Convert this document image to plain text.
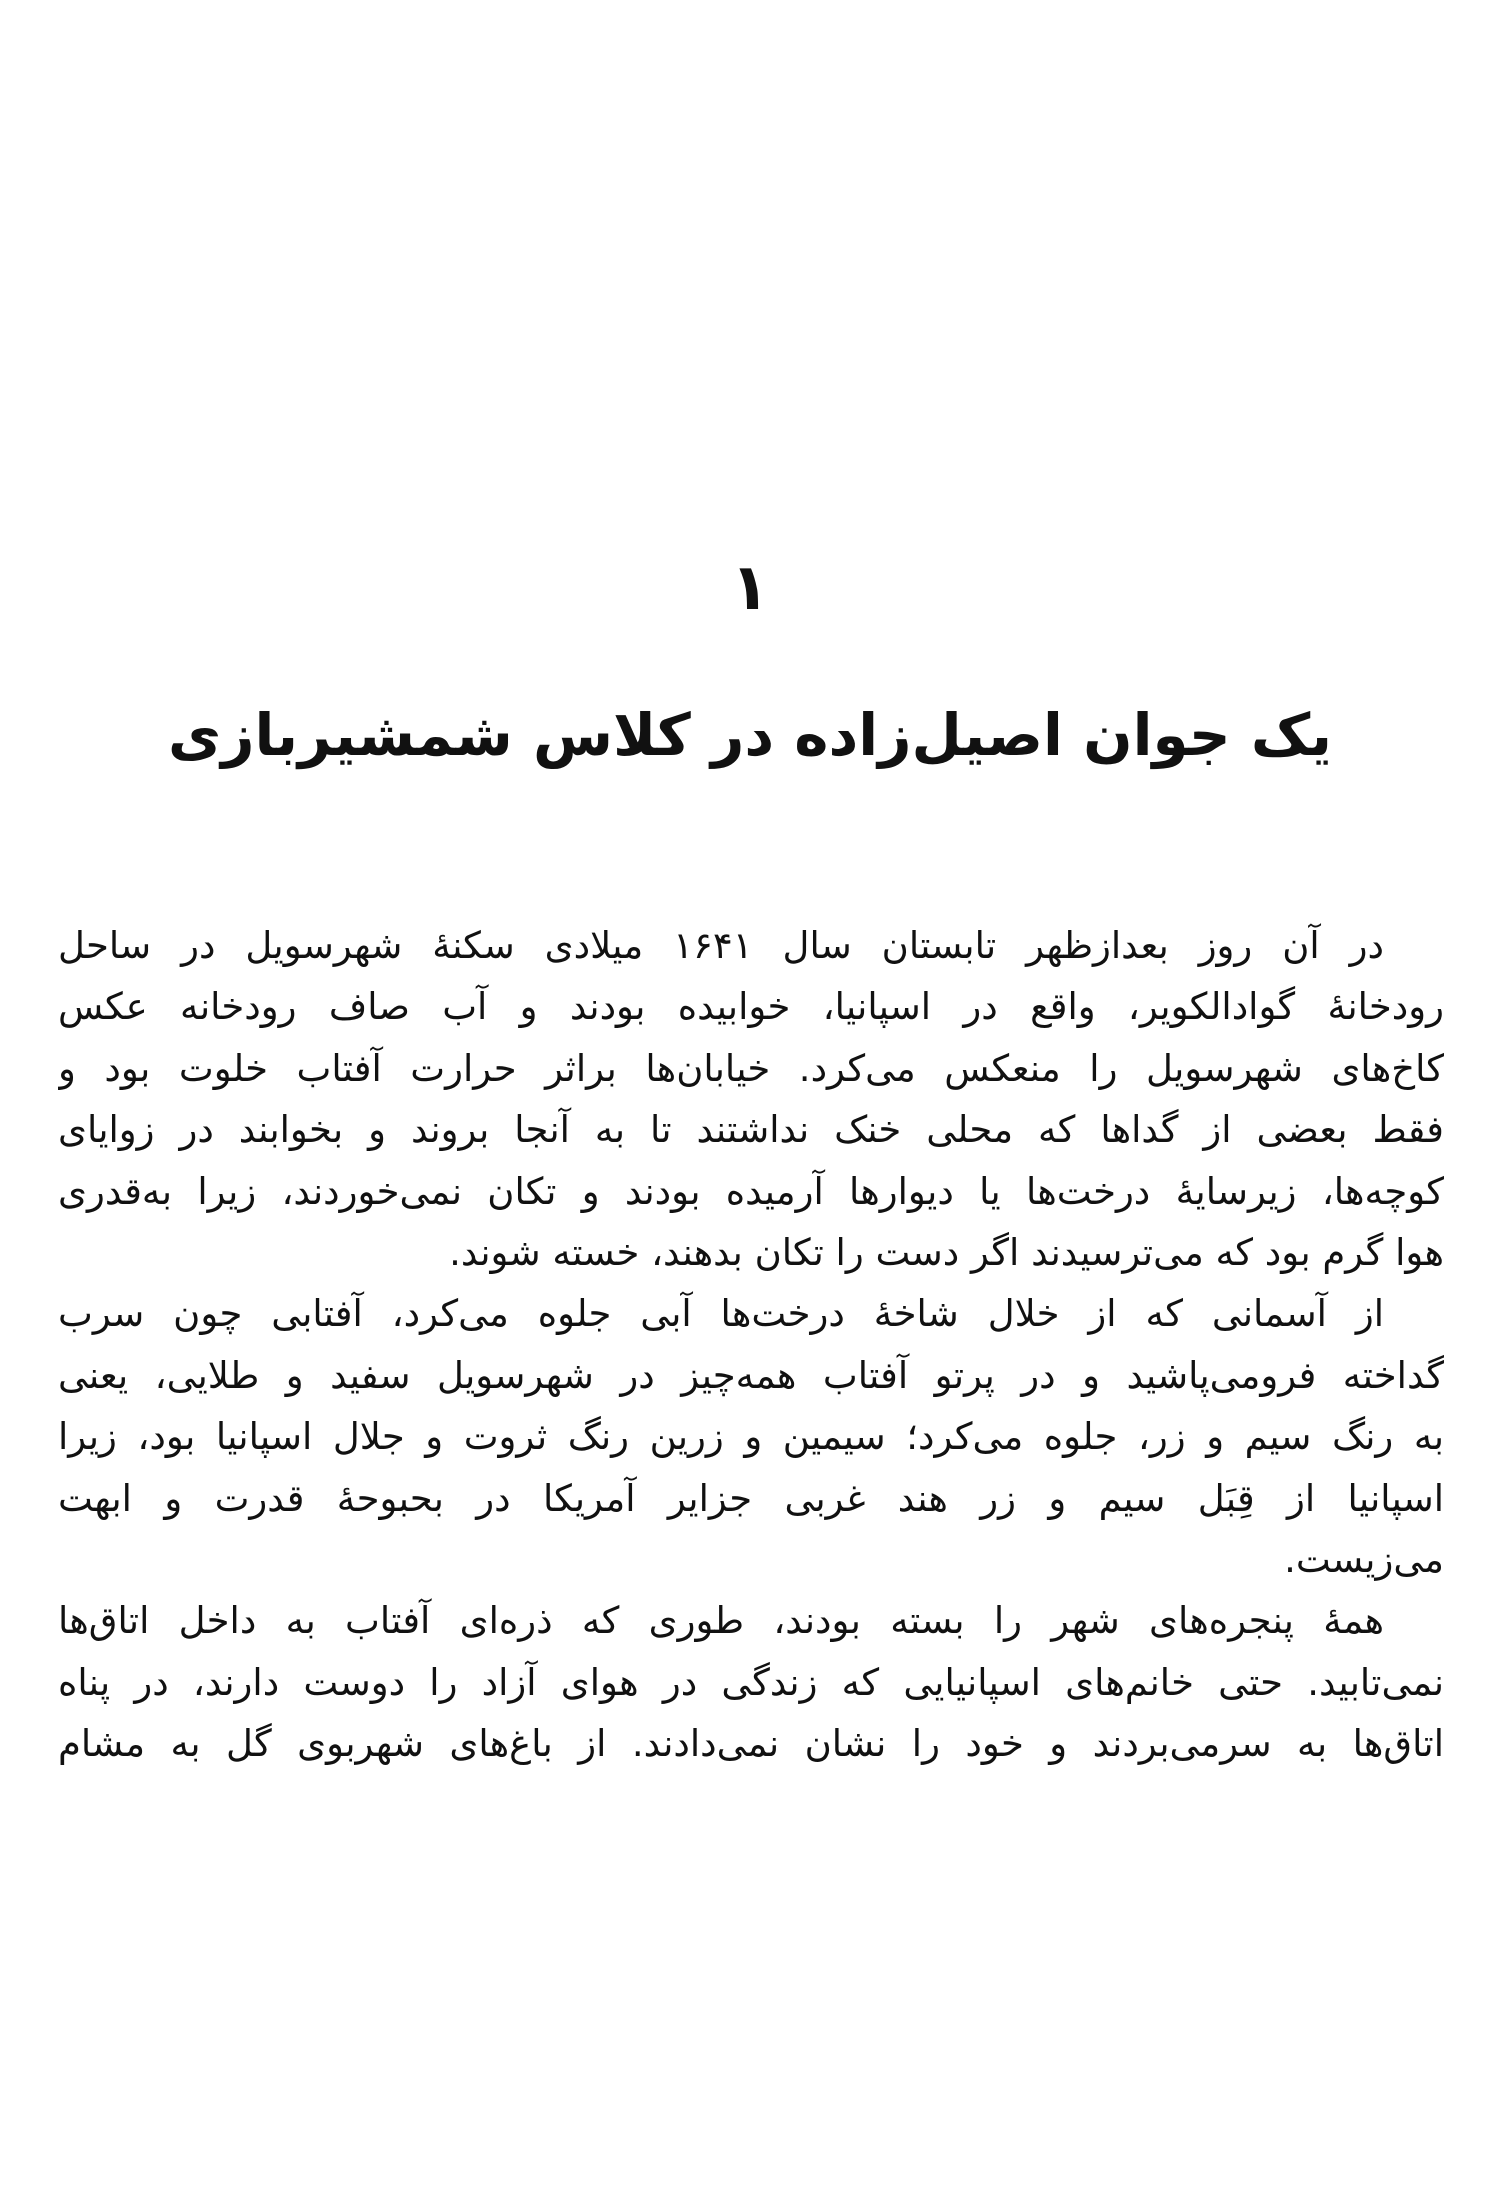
۱
یک جوان اصیل‌زاده در کلاس شمشیربازی
در آن روز بعدازظهر تابستان سال ۱۶۴۱ میلادی سکنهٔ شهرسویل در ساحل
رودخانهٔ گوادالکویر، واقع در اسپانیا، خوابیده بودند و آب صاف رودخانه عکس
کاخ‌های شهرسویل را منعکس می‌کرد. خیابان‌ها براثر حرارت آفتاب خلوت بود و
فقط بعضی از گداها که محلی خنک نداشتند تا به آنجا بروند و بخوابند در زوایای
کوچه‌ها، زیرسایهٔ درخت‌ها یا دیوارها آرمیده بودند و تکان نمی‌خوردند، زیرا به‌قدری
هوا گرم بود که می‌ترسیدند اگر دست را تکان بدهند، خسته شوند.
از آسمانی که از خلال شاخهٔ درخت‌ها آبی جلوه می‌کرد، آفتابی چون سرب
گداخته فرومی‌پاشید و در پرتو آفتاب همه‌چیز در شهرسویل سفید و طلایی، یعنی
به رنگ سیم و زر، جلوه می‌کرد؛ سیمین و زرین رنگ ثروت و جلال اسپانیا بود، زیرا
اسپانیا از قِبَل سیم و زر هند غربی جزایر آمریکا در بحبوحهٔ قدرت و ابهت
می‌زیست.
همهٔ پنجره‌های شهر را بسته بودند، طوری که ذره‌ای آفتاب به داخل اتاق‌ها
نمی‌تابید. حتی خانم‌های اسپانیایی که زندگی در هوای آزاد را دوست دارند، در پناه
اتاق‌ها به سرمی‌بردند و خود را نشان نمی‌دادند. از باغ‌های شهربوی گل به مشام
